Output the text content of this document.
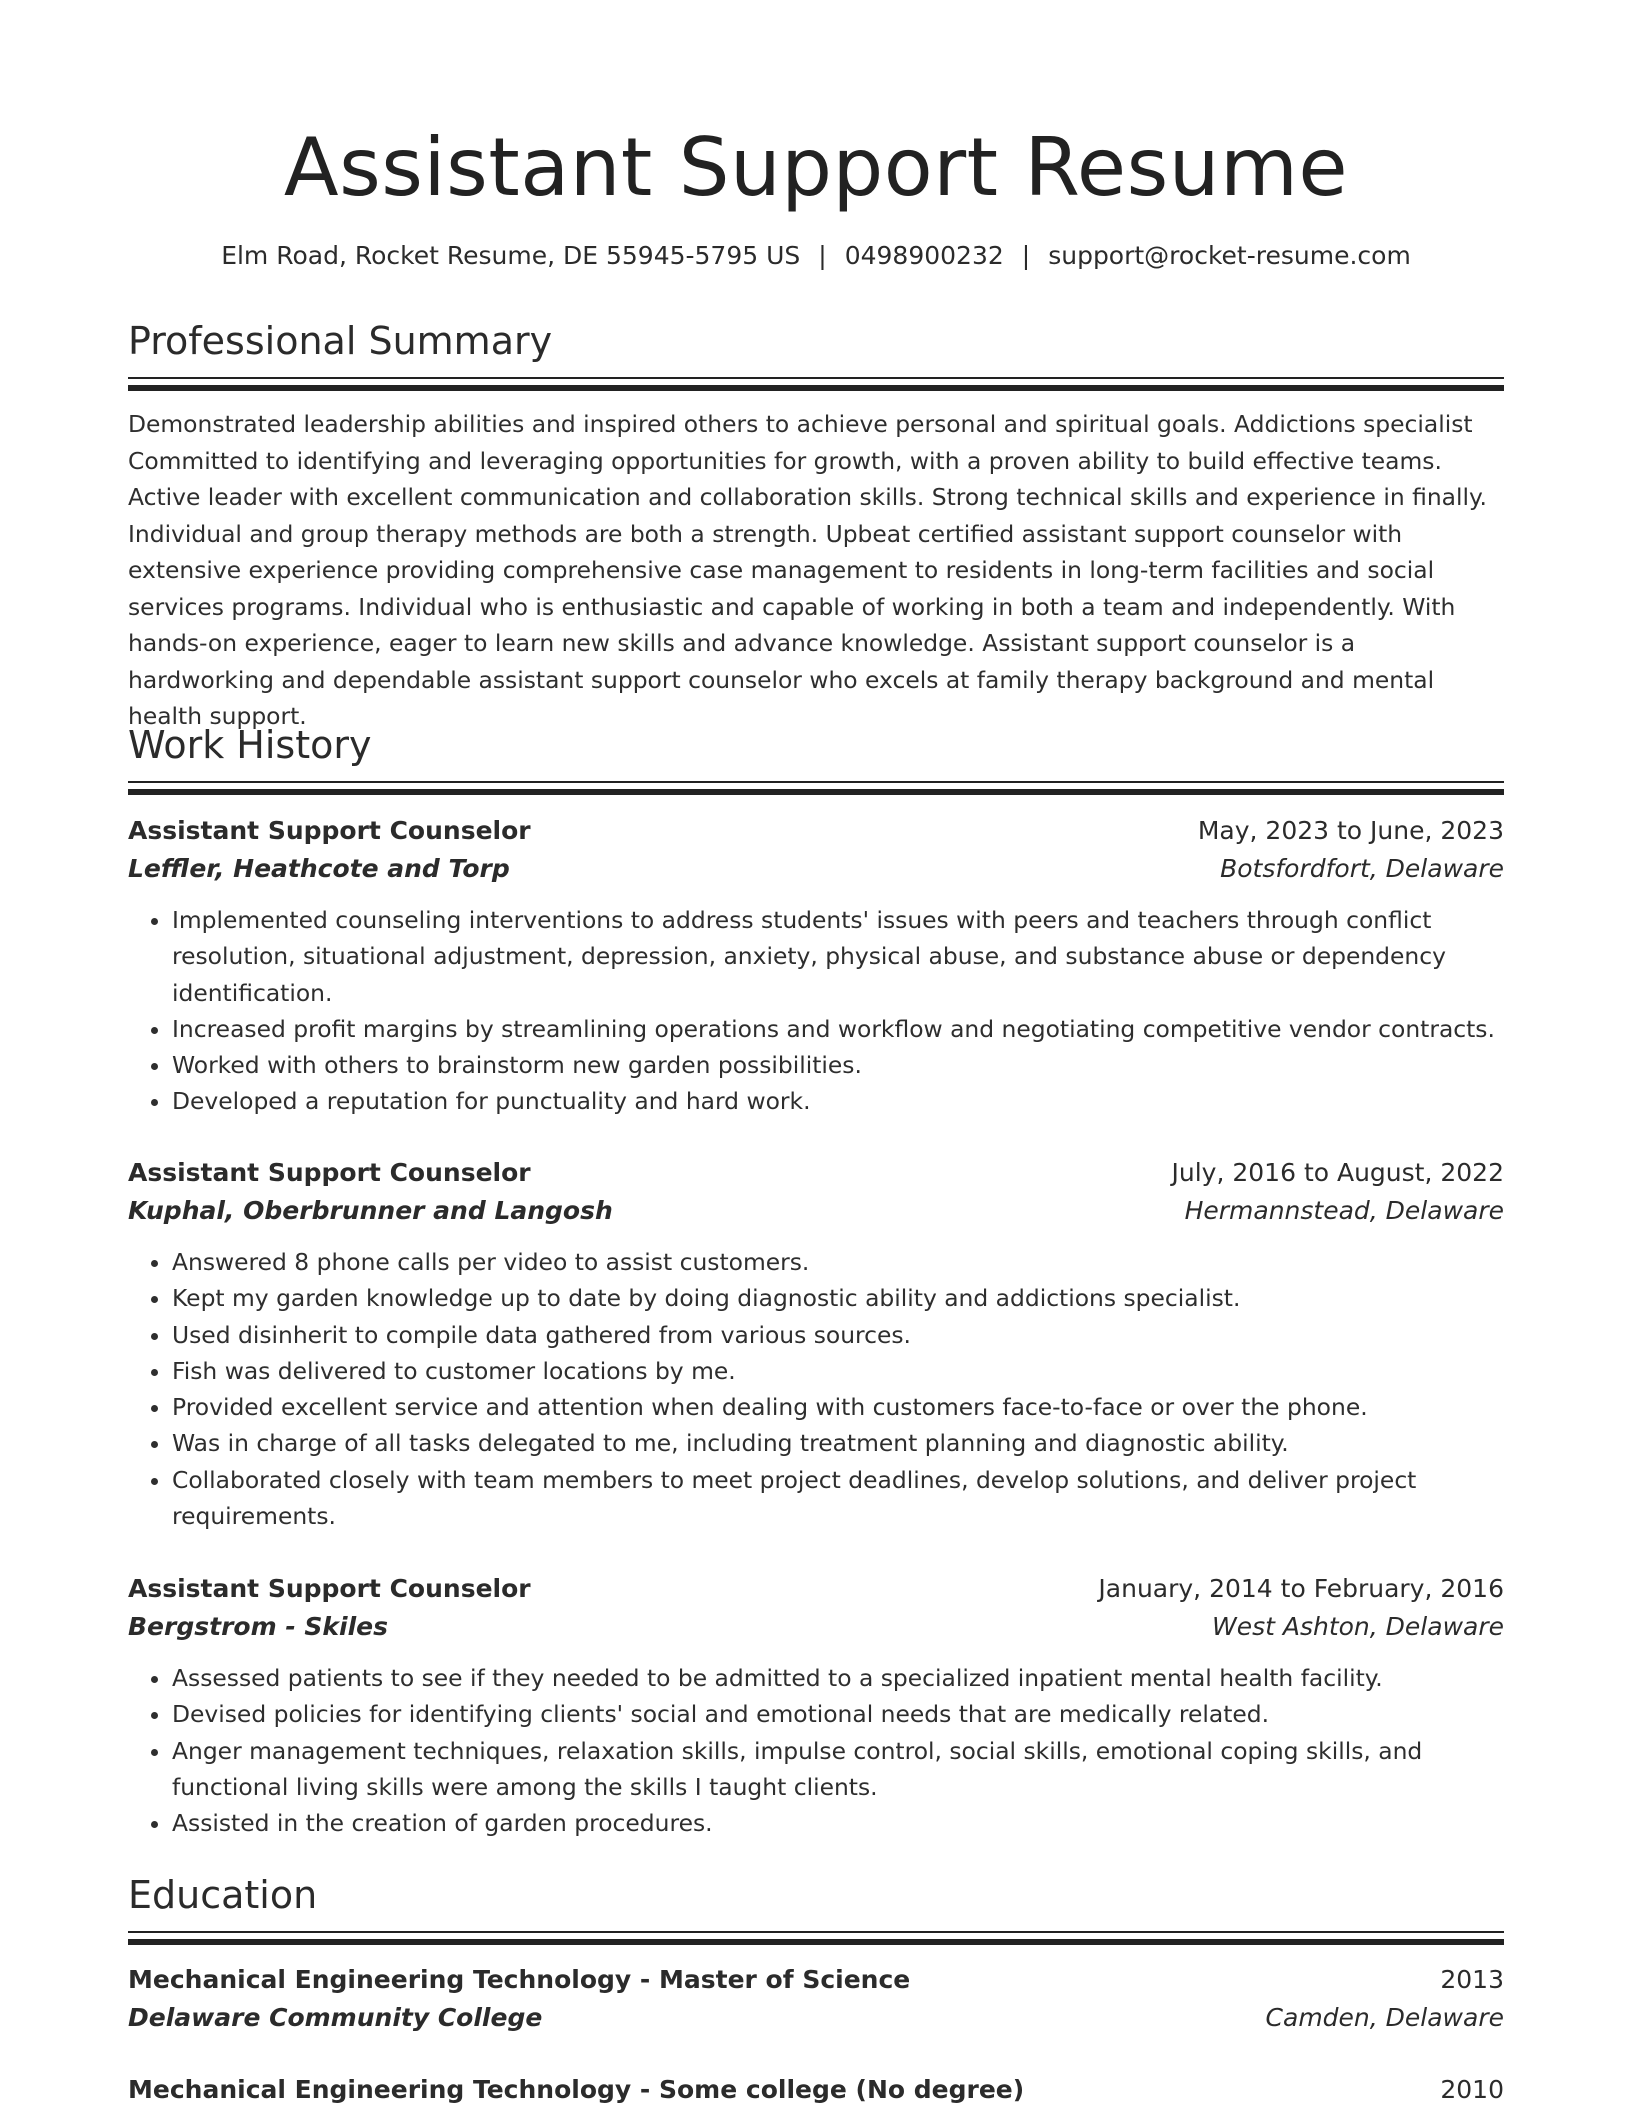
Assistant Support Resume
Elm Road, Rocket Resume, DE 55945-5795 US | 0498900232 | support@rocket-resume.com
Professional Summary

Demonstrated leadership abilities and inspired others to achieve personal and spiritual goals. Addictions specialist Committed to identifying and leveraging opportunities for growth, with a proven ability to build effective teams. Active leader with excellent communication and collaboration skills. Strong technical skills and experience in finally. Individual and group therapy methods are both a strength. Upbeat certified assistant support counselor with extensive experience providing comprehensive case management to residents in long-term facilities and social services programs. Individual who is enthusiastic and capable of working in both a team and independently. With hands-on experience, eager to learn new skills and advance knowledge. Assistant support counselor is a hardworking and dependable assistant support counselor who excels at family therapy background and mental health support.

Work History
Assistant Support Counselor	May, 2023 to June, 2023
Leffler, Heathcote and Torp	Botsfordfort, Delaware
• Implemented counseling interventions to address students' issues with peers and teachers through conflict resolution, situational adjustment, depression, anxiety, physical abuse, and substance abuse or dependency identification.
• Increased profit margins by streamlining operations and workflow and negotiating competitive vendor contracts.
• Worked with others to brainstorm new garden possibilities.
• Developed a reputation for punctuality and hard work.
Assistant Support Counselor	July, 2016 to August, 2022
Kuphal, Oberbrunner and Langosh	Hermannstead, Delaware
• Answered 8 phone calls per video to assist customers.
• Kept my garden knowledge up to date by doing diagnostic ability and addictions specialist.
• Used disinherit to compile data gathered from various sources.
• Fish was delivered to customer locations by me.
• Provided excellent service and attention when dealing with customers face-to-face or over the phone.
• Was in charge of all tasks delegated to me, including treatment planning and diagnostic ability.
• Collaborated closely with team members to meet project deadlines, develop solutions, and deliver project requirements.
Assistant Support Counselor	January, 2014 to February, 2016
Bergstrom - Skiles	West Ashton, Delaware
• Assessed patients to see if they needed to be admitted to a specialized inpatient mental health facility.
• Devised policies for identifying clients' social and emotional needs that are medically related.
• Anger management techniques, relaxation skills, impulse control, social skills, emotional coping skills, and functional living skills were among the skills I taught clients.
• Assisted in the creation of garden procedures.
Education
Mechanical Engineering Technology - Master of Science	2013
Delaware Community College	Camden, Delaware
Mechanical Engineering Technology - Some college (No degree)	2010
